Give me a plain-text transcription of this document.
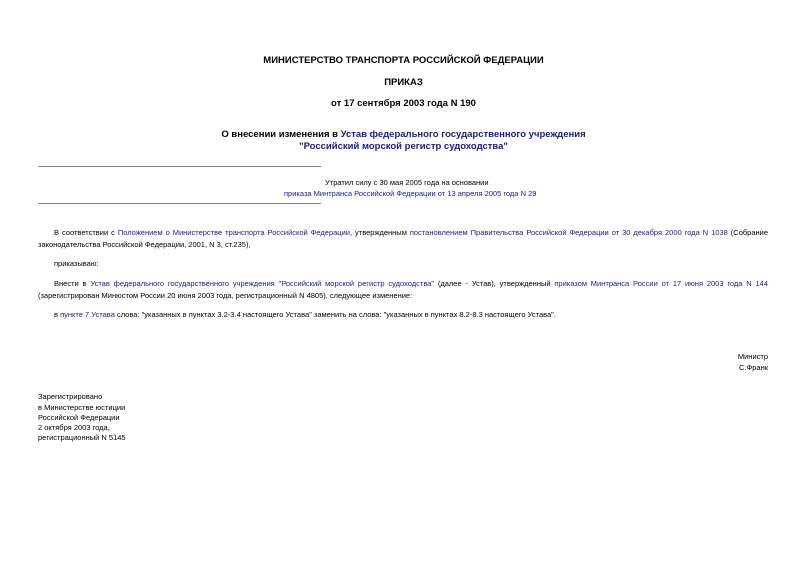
МИНИСТЕРСТВО ТРАНСПОРТА РОССИЙСКОЙ ФЕДЕРАЦИИ
ПРИКАЗ
от 17 сентября 2003 года N 190
О внесении изменения в Устав федерального государственного учреждения
"Российский морской регистр судоходства"
Утратил силу с 30 мая 2005 года на основании
приказа Минтранса Российской Федерации от 13 апреля 2005 года N 29
В соответствии с Положением о Министерстве транспорта Российской Федерации, утвержденным постановлением Правительства Российской Федерации от 30 декабря 2000 года N 1038 (Собрание законодательства Российской Федерации, 2001, N 3, ст.235),
приказываю:
Внести в Устав федерального государственного учреждения "Российский морской регистр судоходства" (далее - Устав), утвержденный приказом Минтранса России от 17 июня 2003 года N 144 (зарегистрирован Минюстом России 20 июня 2003 года, регистрационный N 4805), следующее изменение:
в пункте 7 Устава слова: "указанных в пунктах 3.2-3.4 настоящего Устава" заменить на слова: "указанных в пунктах 8.2-8.3 настоящего Устава".
Министр
С.Франк
Зарегистрировано
в Министерстве юстиции
Российской Федерации
2 октября 2003 года,
регистрационный N 5145
